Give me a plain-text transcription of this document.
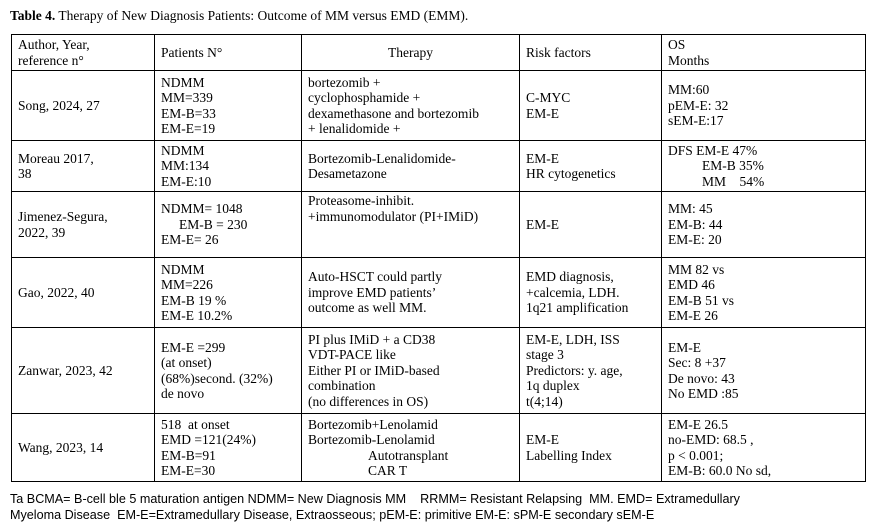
Table 4. Therapy of New Diagnosis Patients: Outcome of MM versus EMD (EMM).
Author, Year,
reference n°	Patients N°	Therapy	Risk factors	OS
Months

Song, 2024, 27	NDMM
MM=339
EM-B=33
EM-E=19	bortezomib +
cyclophosphamide +
dexamethasone and bortezomib
+ lenalidomide +	C-MYC
EM-E	MM:60
pEM-E: 32
sEM-E:17

Moreau 2017,
38	NDMM
MM:134
EM-E:10	Bortezomib-Lenalidomide-
Desametazone	EM-E
HR cytogenetics	DFS EM-E 47%
EM-B 35%
MM    54%

Jimenez-Segura,
2022, 39	NDMM= 1048
EM-B = 230
EM-E= 26	Proteasome-inhibit.
+immunomodulator (PI+IMiD)	EM-E	MM: 45
EM-B: 44
EM-E: 20

Gao, 2022, 40	NDMM
MM=226
EM-B 19 %
EM-E 10.2%	Auto-HSCT could partly
improve EMD patients’
outcome as well MM.	EMD diagnosis,
+calcemia, LDH.
1q21 amplification	MM 82 vs
EMD 46
EM-B 51 vs
EM-E 26

Zanwar, 2023, 42	EM-E =299
(at onset)
(68%)second. (32%)
de novo	PI plus IMiD + a CD38
VDT-PACE like
Either PI or IMiD-based
combination
(no differences in OS)	EM-E, LDH, ISS
stage 3
Predictors: y. age,
1q duplex
t(4;14)	EM-E
Sec: 8 +37
De novo: 43
No EMD :85

Wang, 2023, 14	518  at onset
EMD =121(24%)
EM-B=91
EM-E=30	Bortezomib+Lenolamid
Bortezomib-Lenolamid
Autotransplant
CAR T	EM-E
Labelling Index	EM-E 26.5
no-EMD: 68.5 ,
p < 0.001;
EM-B: 60.0 No sd,
Ta BCMA= B-cell ble 5 maturation antigen NDMM= New Diagnosis MM    RRMM= Resistant Relapsing  MM. EMD= Extramedullary
Myeloma Disease  EM-E=Extramedullary Disease, Extraosseous; pEM-E: primitive EM-E: sPM-E secondary sEM-E
